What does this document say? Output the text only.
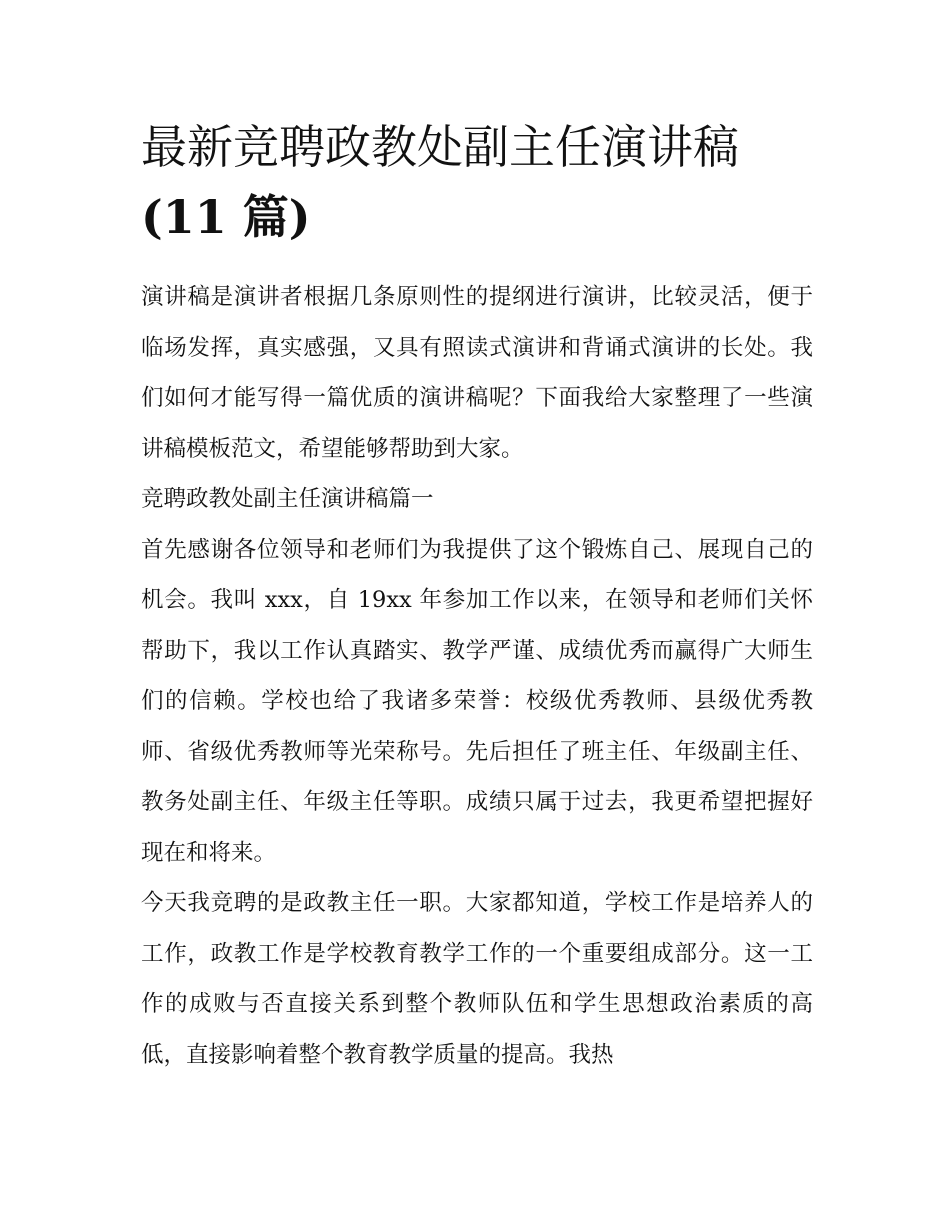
最新竞聘政教处副主任演讲稿
(11 篇)

演讲稿是演讲者根据几条原则性的提纲进行演讲，比较灵活，便于临场发挥，真实感强，又具有照读式演讲和背诵式演讲的长处。我们如何才能写得一篇优质的演讲稿呢？下面我给大家整理了一些演讲稿模板范文，希望能够帮助到大家。

竞聘政教处副主任演讲稿篇一

首先感谢各位领导和老师们为我提供了这个锻炼自己、展现自己的机会。我叫 xxx，自 19xx 年参加工作以来，在领导和老师们关怀帮助下，我以工作认真踏实、教学严谨、成绩优秀而赢得广大师生们的信赖。学校也给了我诸多荣誉：校级优秀教师、县级优秀教师、省级优秀教师等光荣称号。先后担任了班主任、年级副主任、教务处副主任、年级主任等职。成绩只属于过去，我更希望把握好现在和将来。

今天我竞聘的是政教主任一职。大家都知道，学校工作是培养人的工作，政教工作是学校教育教学工作的一个重要组成部分。这一工作的成败与否直接关系到整个教师队伍和学生思想政治素质的高低，直接影响着整个教育教学质量的提高。我热
